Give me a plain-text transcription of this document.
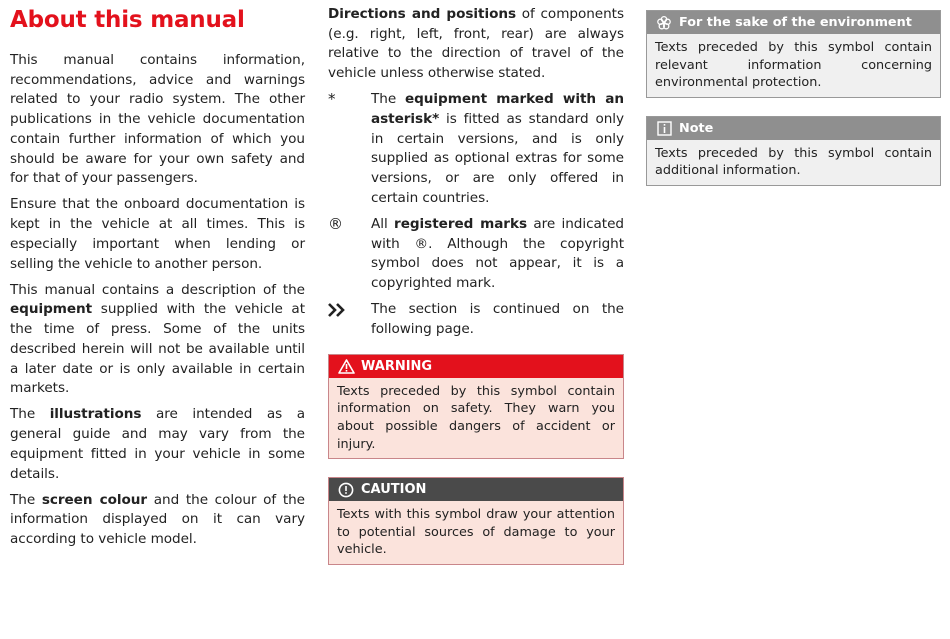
About this manual

This manual contains information, recommendations, advice and warnings related to your radio system. The other publications in the vehicle documentation contain further information of which you should be aware for your own safety and for that of your passengers.

Ensure that the onboard documentation is kept in the vehicle at all times. This is especially important when lending or selling the vehicle to another person.

This manual contains a description of the equipment supplied with the vehicle at the time of press. Some of the units described herein will not be available until a later date or is only available in certain markets.

The illustrations are intended as a general guide and may vary from the equipment fitted in your vehicle in some details.

The screen colour and the colour of the information displayed on it can vary according to vehicle model.

Directions and positions of components (e.g. right, left, front, rear) are always relative to the direction of travel of the vehicle unless otherwise stated.

*	The equipment marked with an asterisk* is fitted as standard only in certain versions, and is only supplied as optional extras for some versions, or are only offered in certain countries.

®	All registered marks are indicated with ®. Although the copyright symbol does not appear, it is a copyrighted mark.

The section is continued on the following page.

WARNING
Texts preceded by this symbol contain information on safety. They warn you about possible dangers of accident or injury.
CAUTION
Texts with this symbol draw your attention to potential sources of damage to your vehicle.
For the sake of the environment
Texts preceded by this symbol contain relevant information concerning environmental protection.
Note
Texts preceded by this symbol contain additional information.
